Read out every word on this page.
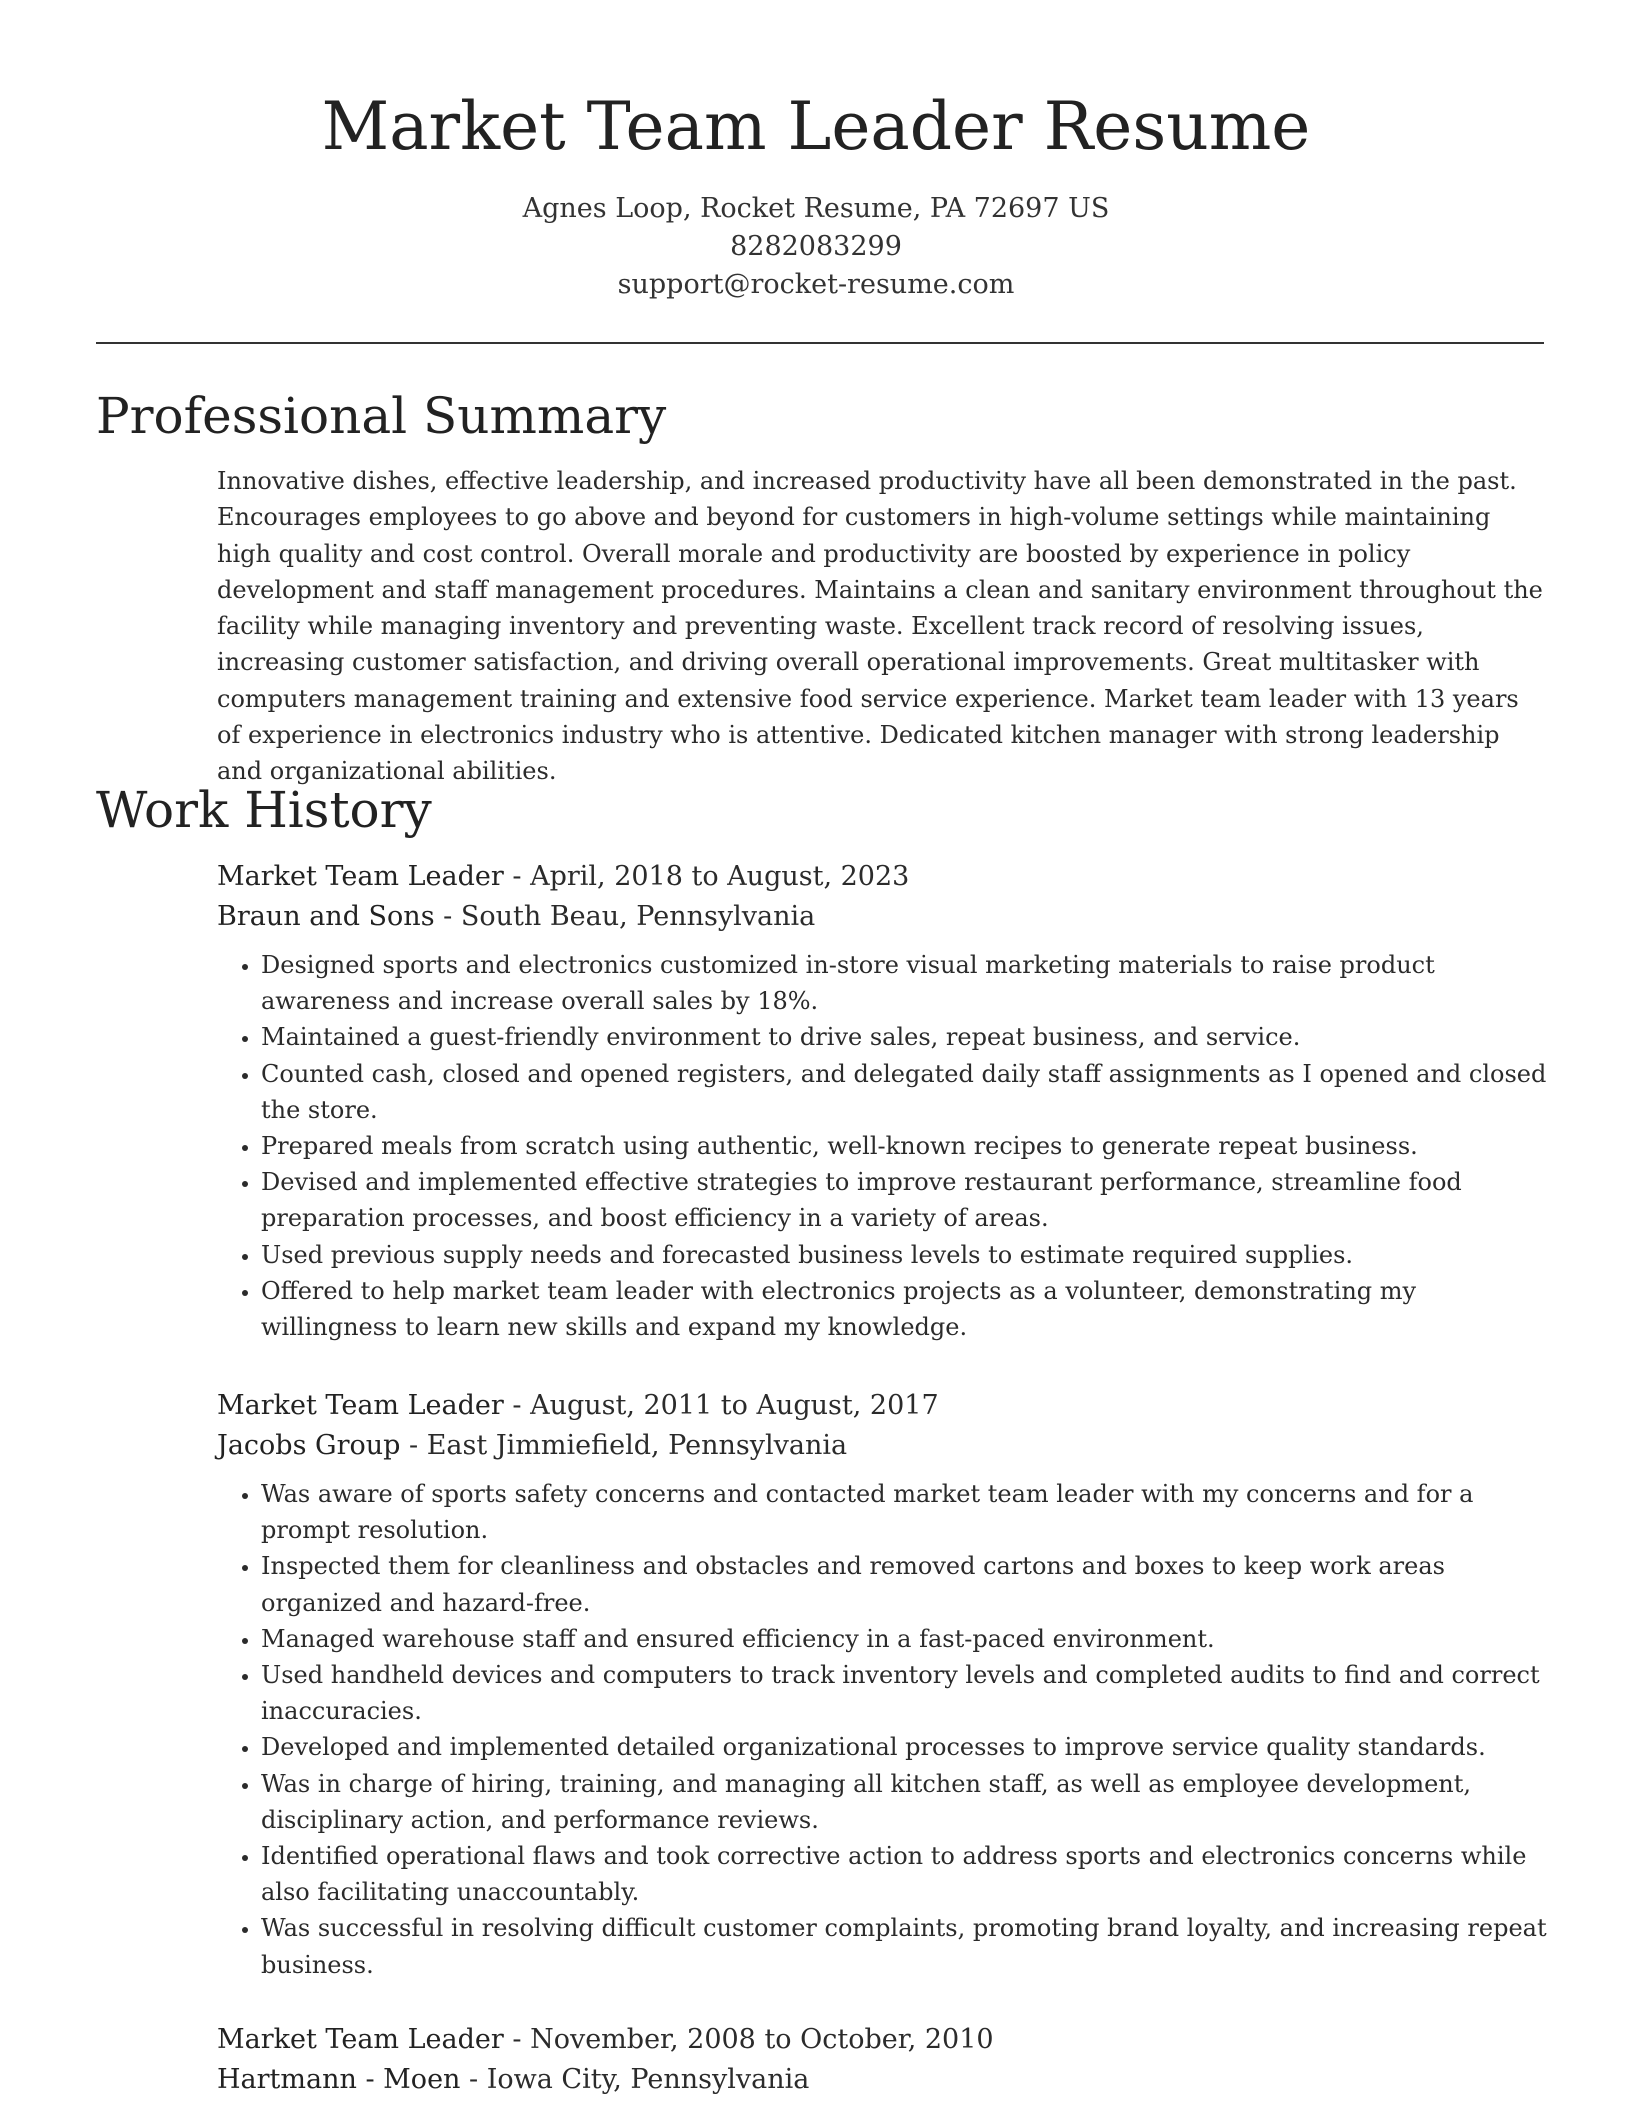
Market Team Leader Resume
Agnes Loop, Rocket Resume, PA 72697 US
8282083299
support@rocket-resume.com
Professional Summary

Innovative dishes, effective leadership, and increased productivity have all been demonstrated in the past. Encourages employees to go above and beyond for customers in high-volume settings while maintaining high quality and cost control. Overall morale and productivity are boosted by experience in policy development and staff management procedures. Maintains a clean and sanitary environment throughout the facility while managing inventory and preventing waste. Excellent track record of resolving issues, increasing customer satisfaction, and driving overall operational improvements. Great multitasker with computers management training and extensive food service experience. Market team leader with 13 years of experience in electronics industry who is attentive. Dedicated kitchen manager with strong leadership and organizational abilities.

Work History
Market Team Leader - April, 2018 to August, 2023
Braun and Sons - South Beau, Pennsylvania
• Designed sports and electronics customized in-store visual marketing materials to raise product awareness and increase overall sales by 18%.
• Maintained a guest-friendly environment to drive sales, repeat business, and service.
• Counted cash, closed and opened registers, and delegated daily staff assignments as I opened and closed the store.
• Prepared meals from scratch using authentic, well-known recipes to generate repeat business.
• Devised and implemented effective strategies to improve restaurant performance, streamline food preparation processes, and boost efficiency in a variety of areas.
• Used previous supply needs and forecasted business levels to estimate required supplies.
• Offered to help market team leader with electronics projects as a volunteer, demonstrating my willingness to learn new skills and expand my knowledge.
Market Team Leader - August, 2011 to August, 2017
Jacobs Group - East Jimmiefield, Pennsylvania
• Was aware of sports safety concerns and contacted market team leader with my concerns and for a prompt resolution.
• Inspected them for cleanliness and obstacles and removed cartons and boxes to keep work areas organized and hazard-free.
• Managed warehouse staff and ensured efficiency in a fast-paced environment.
• Used handheld devices and computers to track inventory levels and completed audits to find and correct inaccuracies.
• Developed and implemented detailed organizational processes to improve service quality standards.
• Was in charge of hiring, training, and managing all kitchen staff, as well as employee development, disciplinary action, and performance reviews.
• Identified operational flaws and took corrective action to address sports and electronics concerns while also facilitating unaccountably.
• Was successful in resolving difficult customer complaints, promoting brand loyalty, and increasing repeat business.
Market Team Leader - November, 2008 to October, 2010
Hartmann - Moen - Iowa City, Pennsylvania
